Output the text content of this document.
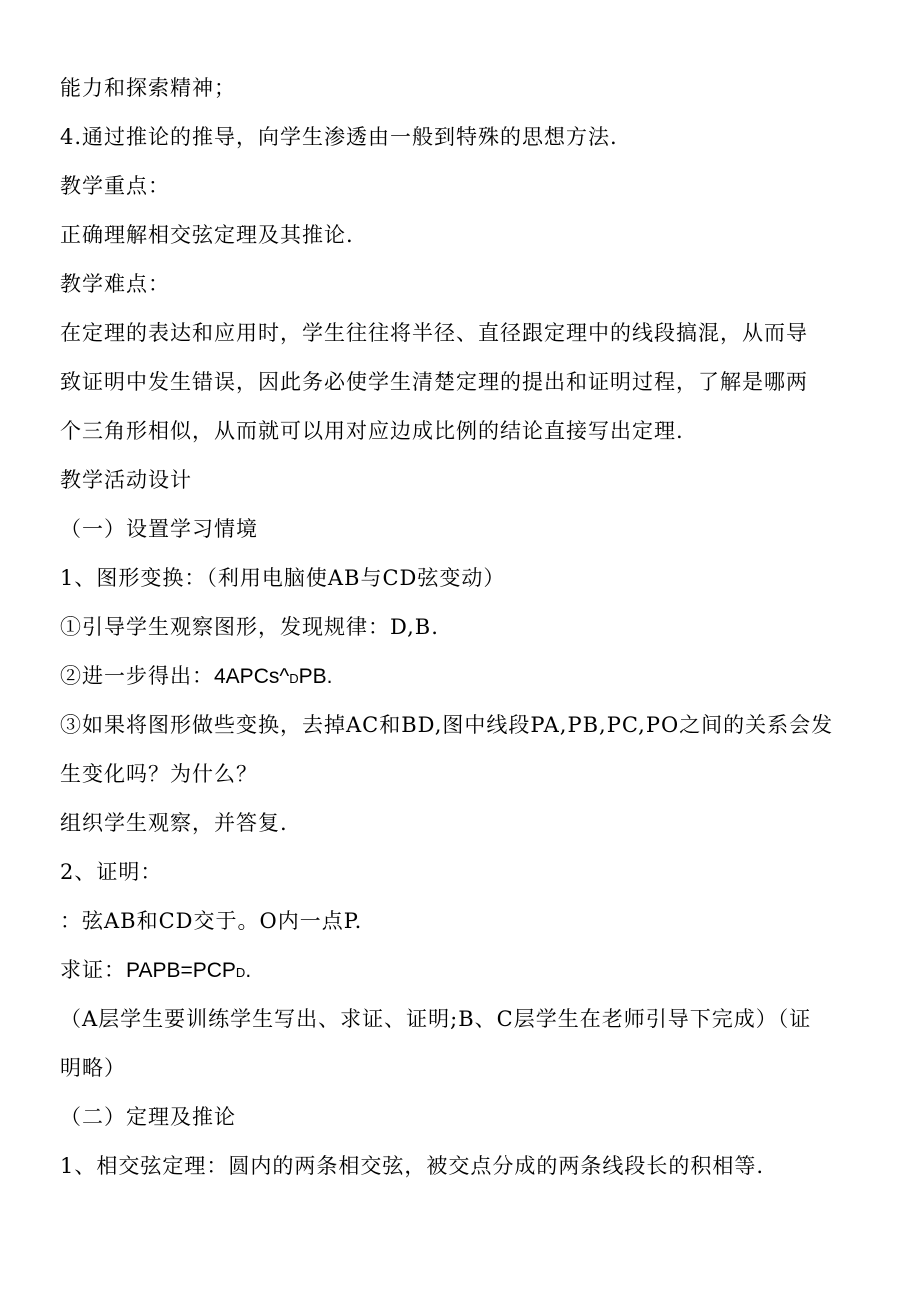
能力和探索精神；
4.通过推论的推导，向学生渗透由一般到特殊的思想方法.
教学重点：
正确理解相交弦定理及其推论.
教学难点：
在定理的表达和应用时，学生往往将半径、直径跟定理中的线段搞混，从而导
致证明中发生错误，因此务必使学生清楚定理的提出和证明过程，了解是哪两
个三角形相似，从而就可以用对应边成比例的结论直接写出定理.
教学活动设计
（一）设置学习情境
1、图形变换：（利用电脑使AB与CD弦变动）
①引导学生观察图形，发现规律：D,B.
②进一步得出：4APCs^DPB.
③如果将图形做些变换，去掉AC和BD,图中线段PA,PB,PC,PO之间的关系会发
生变化吗？为什么？
组织学生观察，并答复.
2、证明：
：弦AB和CD交于。O内一点P.
求证：PAPB=PCPD.
（A层学生要训练学生写出、求证、证明;B、C层学生在老师引导下完成）（证
明略）
（二）定理及推论
1、相交弦定理：圆内的两条相交弦，被交点分成的两条线段长的积相等.
